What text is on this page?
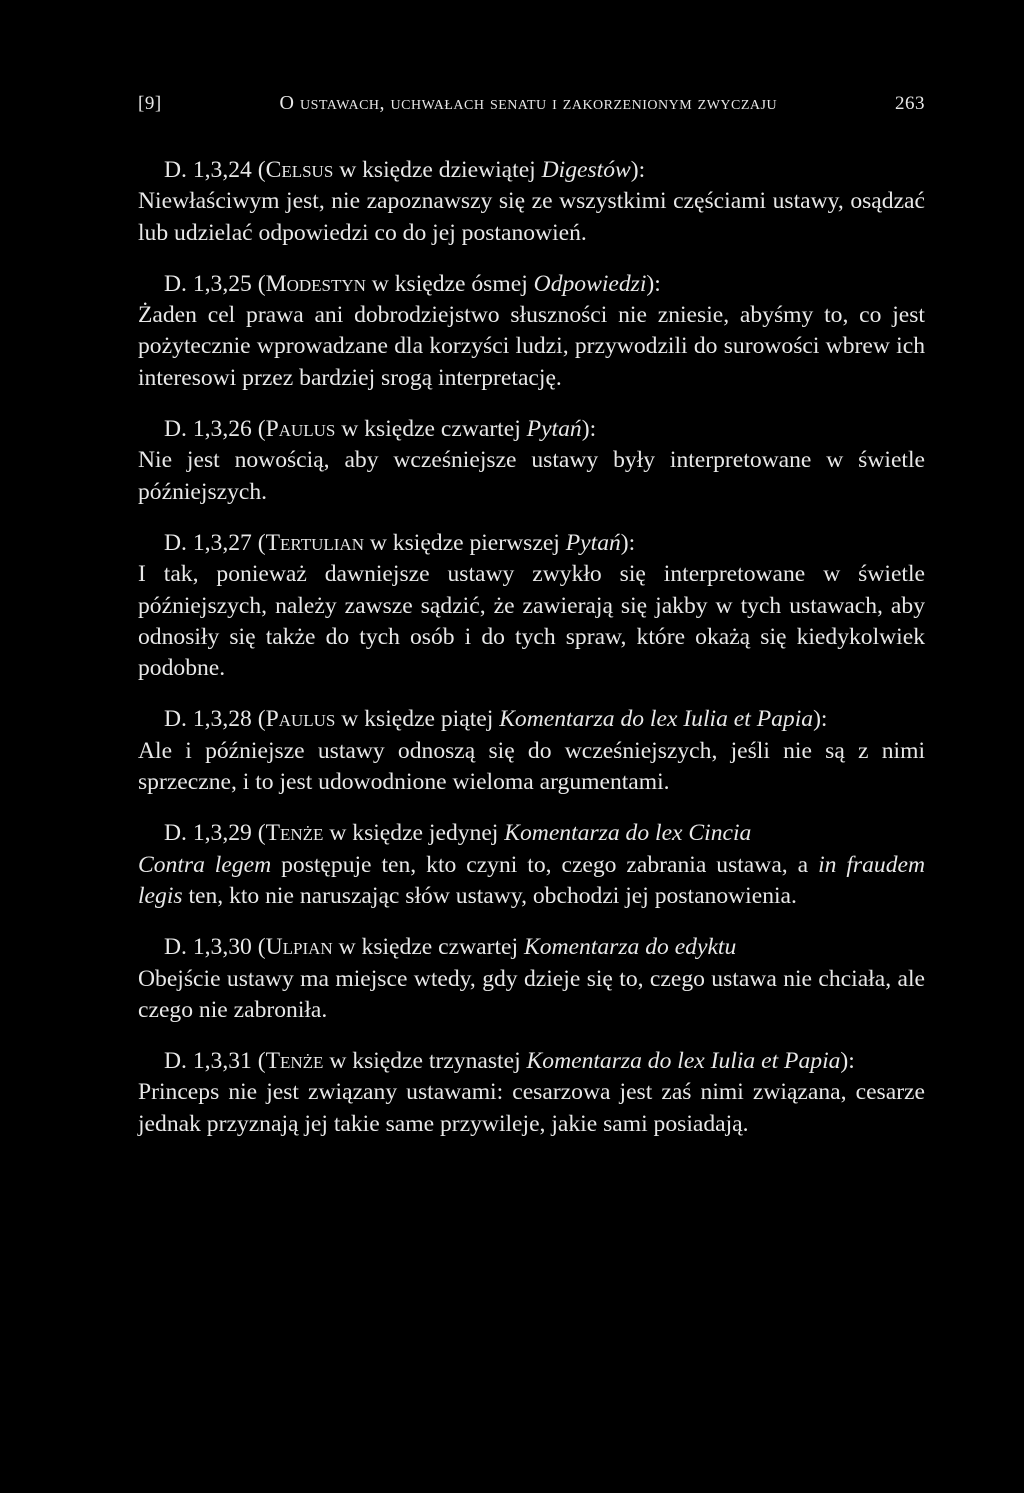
[9]	O ustawach, uchwałach senatu i zakorzenionym zwyczaju	263

D. 1,3,24 (Celsus w księdze dziewiątej Digestów):

Niewłaściwym jest, nie zapoznawszy się ze wszystkimi częściami ustawy, osądzać lub udzielać odpowiedzi co do jej postanowień.

D. 1,3,25 (Modestyn w księdze ósmej Odpowiedzi):

Żaden cel prawa ani dobrodziejstwo słuszności nie zniesie, abyśmy to, co jest pożytecznie wprowadzane dla korzyści ludzi, przywodzili do surowości wbrew ich interesowi przez bardziej srogą interpretację.

D. 1,3,26 (Paulus w księdze czwartej Pytań):

Nie jest nowością, aby wcześniejsze ustawy były interpretowane w świetle późniejszych.

D. 1,3,27 (Tertulian w księdze pierwszej Pytań):

I tak, ponieważ dawniejsze ustawy zwykło się interpretowane w świetle późniejszych, należy zawsze sądzić, że zawierają się jakby w tych ustawach, aby odnosiły się także do tych osób i do tych spraw, które okażą się kiedykolwiek podobne.

D. 1,3,28 (Paulus w księdze piątej Komentarza do lex Iulia et Papia):

Ale i późniejsze ustawy odnoszą się do wcześniejszych, jeśli nie są z nimi sprzeczne, i to jest udowodnione wieloma argumentami.

D. 1,3,29 (Tenże w księdze jedynej Komentarza do lex Cincia

Contra legem postępuje ten, kto czyni to, czego zabrania ustawa, a in fraudem legis ten, kto nie naruszając słów ustawy, obchodzi jej postanowienia.

D. 1,3,30 (Ulpian w księdze czwartej Komentarza do edyktu

Obejście ustawy ma miejsce wtedy, gdy dzieje się to, czego ustawa nie chciała, ale czego nie zabroniła.

D. 1,3,31 (Tenże w księdze trzynastej Komentarza do lex Iulia et Papia):

Princeps nie jest związany ustawami: cesarzowa jest zaś nimi związana, cesarze jednak przyznają jej takie same przywileje, jakie sami posiadają.
